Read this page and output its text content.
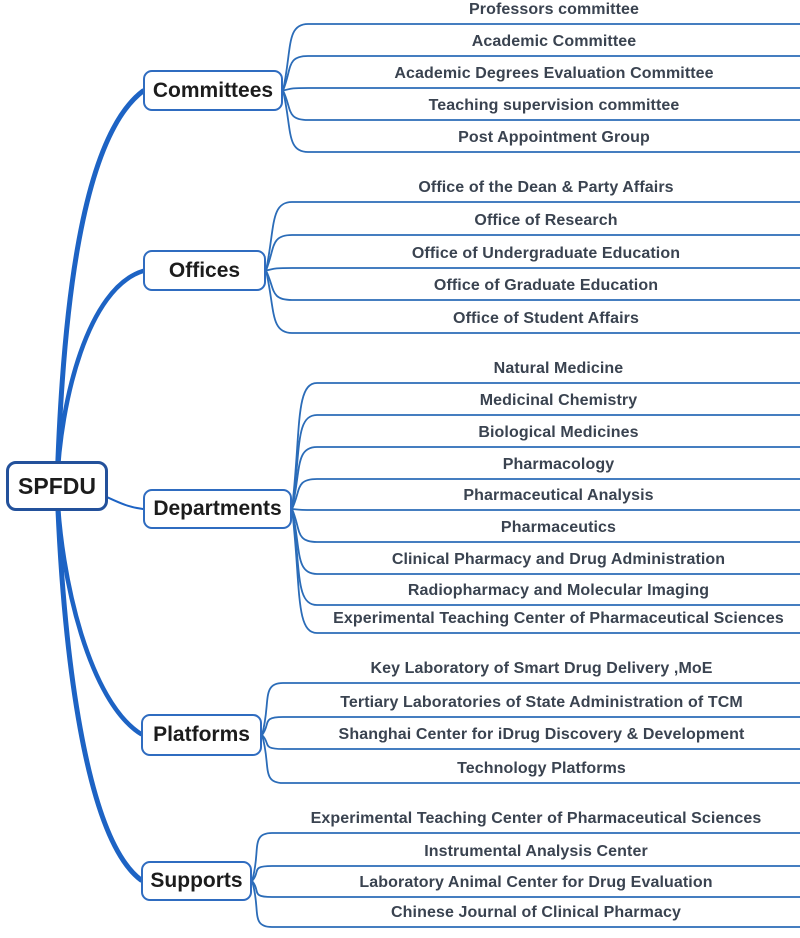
Professors committee
Academic Committee
Academic Degrees Evaluation Committee
Teaching supervision committee
Post Appointment Group
Committees
Office of the Dean & Party Affairs
Office of Research
Office of Undergraduate Education
Office of Graduate Education
Office of Student Affairs
Offices
Natural Medicine
Medicinal Chemistry
Biological Medicines
Pharmacology
Pharmaceutical Analysis
Pharmaceutics
Clinical Pharmacy and Drug Administration
Radiopharmacy and Molecular Imaging
Experimental Teaching Center of Pharmaceutical Sciences
Departments
Key Laboratory of Smart Drug Delivery ,MoE
Tertiary Laboratories of State Administration of TCM
Shanghai Center for iDrug Discovery & Development
Technology Platforms
Platforms
Experimental Teaching Center of Pharmaceutical Sciences
Instrumental Analysis Center
Laboratory Animal Center for Drug Evaluation
Chinese Journal of Clinical Pharmacy
Supports
SPFDU
